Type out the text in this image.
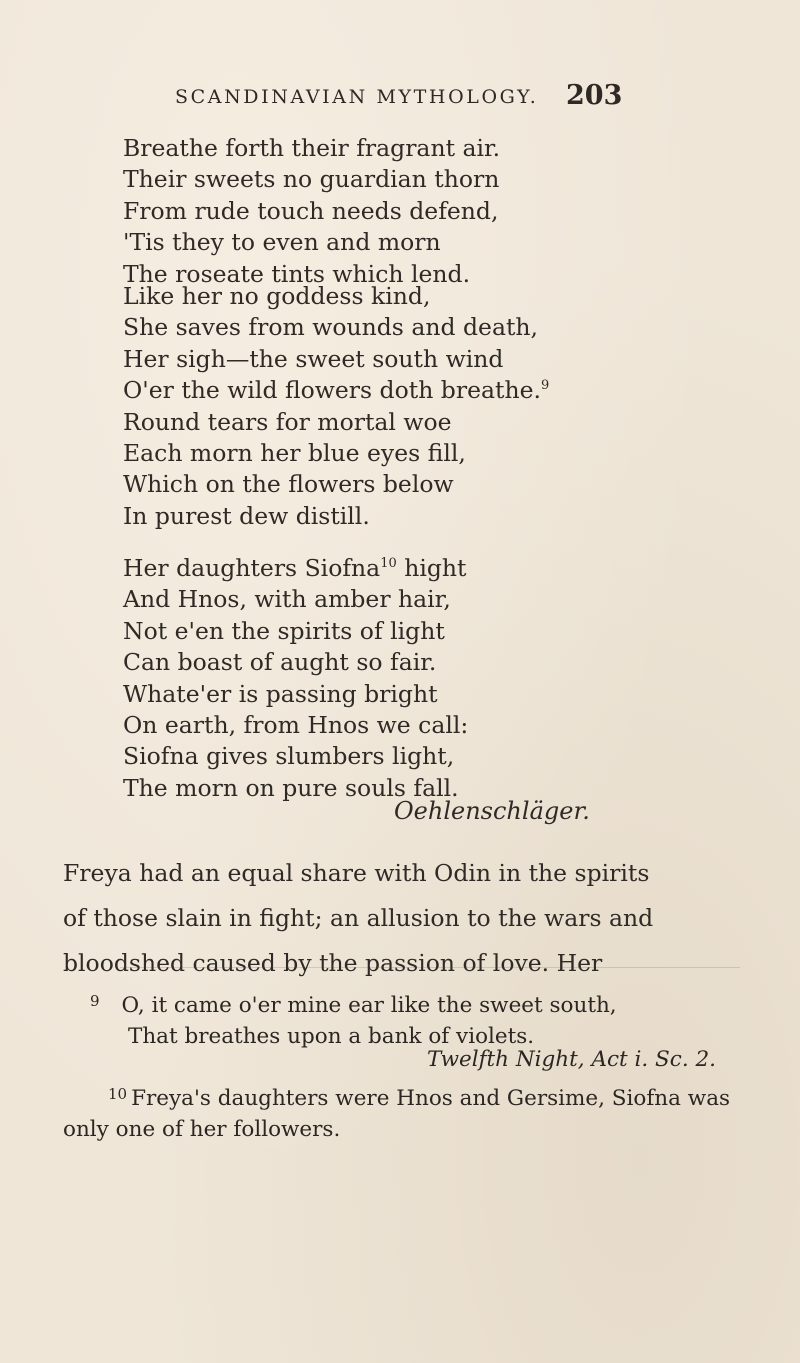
SCANDINAVIAN MYTHOLOGY. 203
Breathe forth their fragrant air.
Their sweets no guardian thorn
From rude touch needs defend,
'Tis they to even and morn
The roseate tints which lend.
Like her no goddess kind,
She saves from wounds and death,
Her sigh—the sweet south wind
O'er the wild flowers doth breathe.$^9$
Round tears for mortal woe
Each morn her blue eyes fill,
Which on the flowers below
In purest dew distill.
Her daughters Siofna$^{10}$ hight
And Hnos, with amber hair,
Not e'en the spirits of light
Can boast of aught so fair.
Whate'er is passing bright
On earth, from Hnos we call:
Siofna gives slumbers light,
The morn on pure souls fall.
Oehlenschläger.
Freya had an equal share with Odin in the spirits
of those slain in fight; an allusion to the wars and
bloodshed caused by the passion of love. Her
$^9$ O, it came o'er mine ear like the sweet south,
That breathes upon a bank of violets.
Twelfth Night, Act i. Sc. 2.
$^{10}$ Freya's daughters were Hnos and Gersime, Siofna was
only one of her followers.
